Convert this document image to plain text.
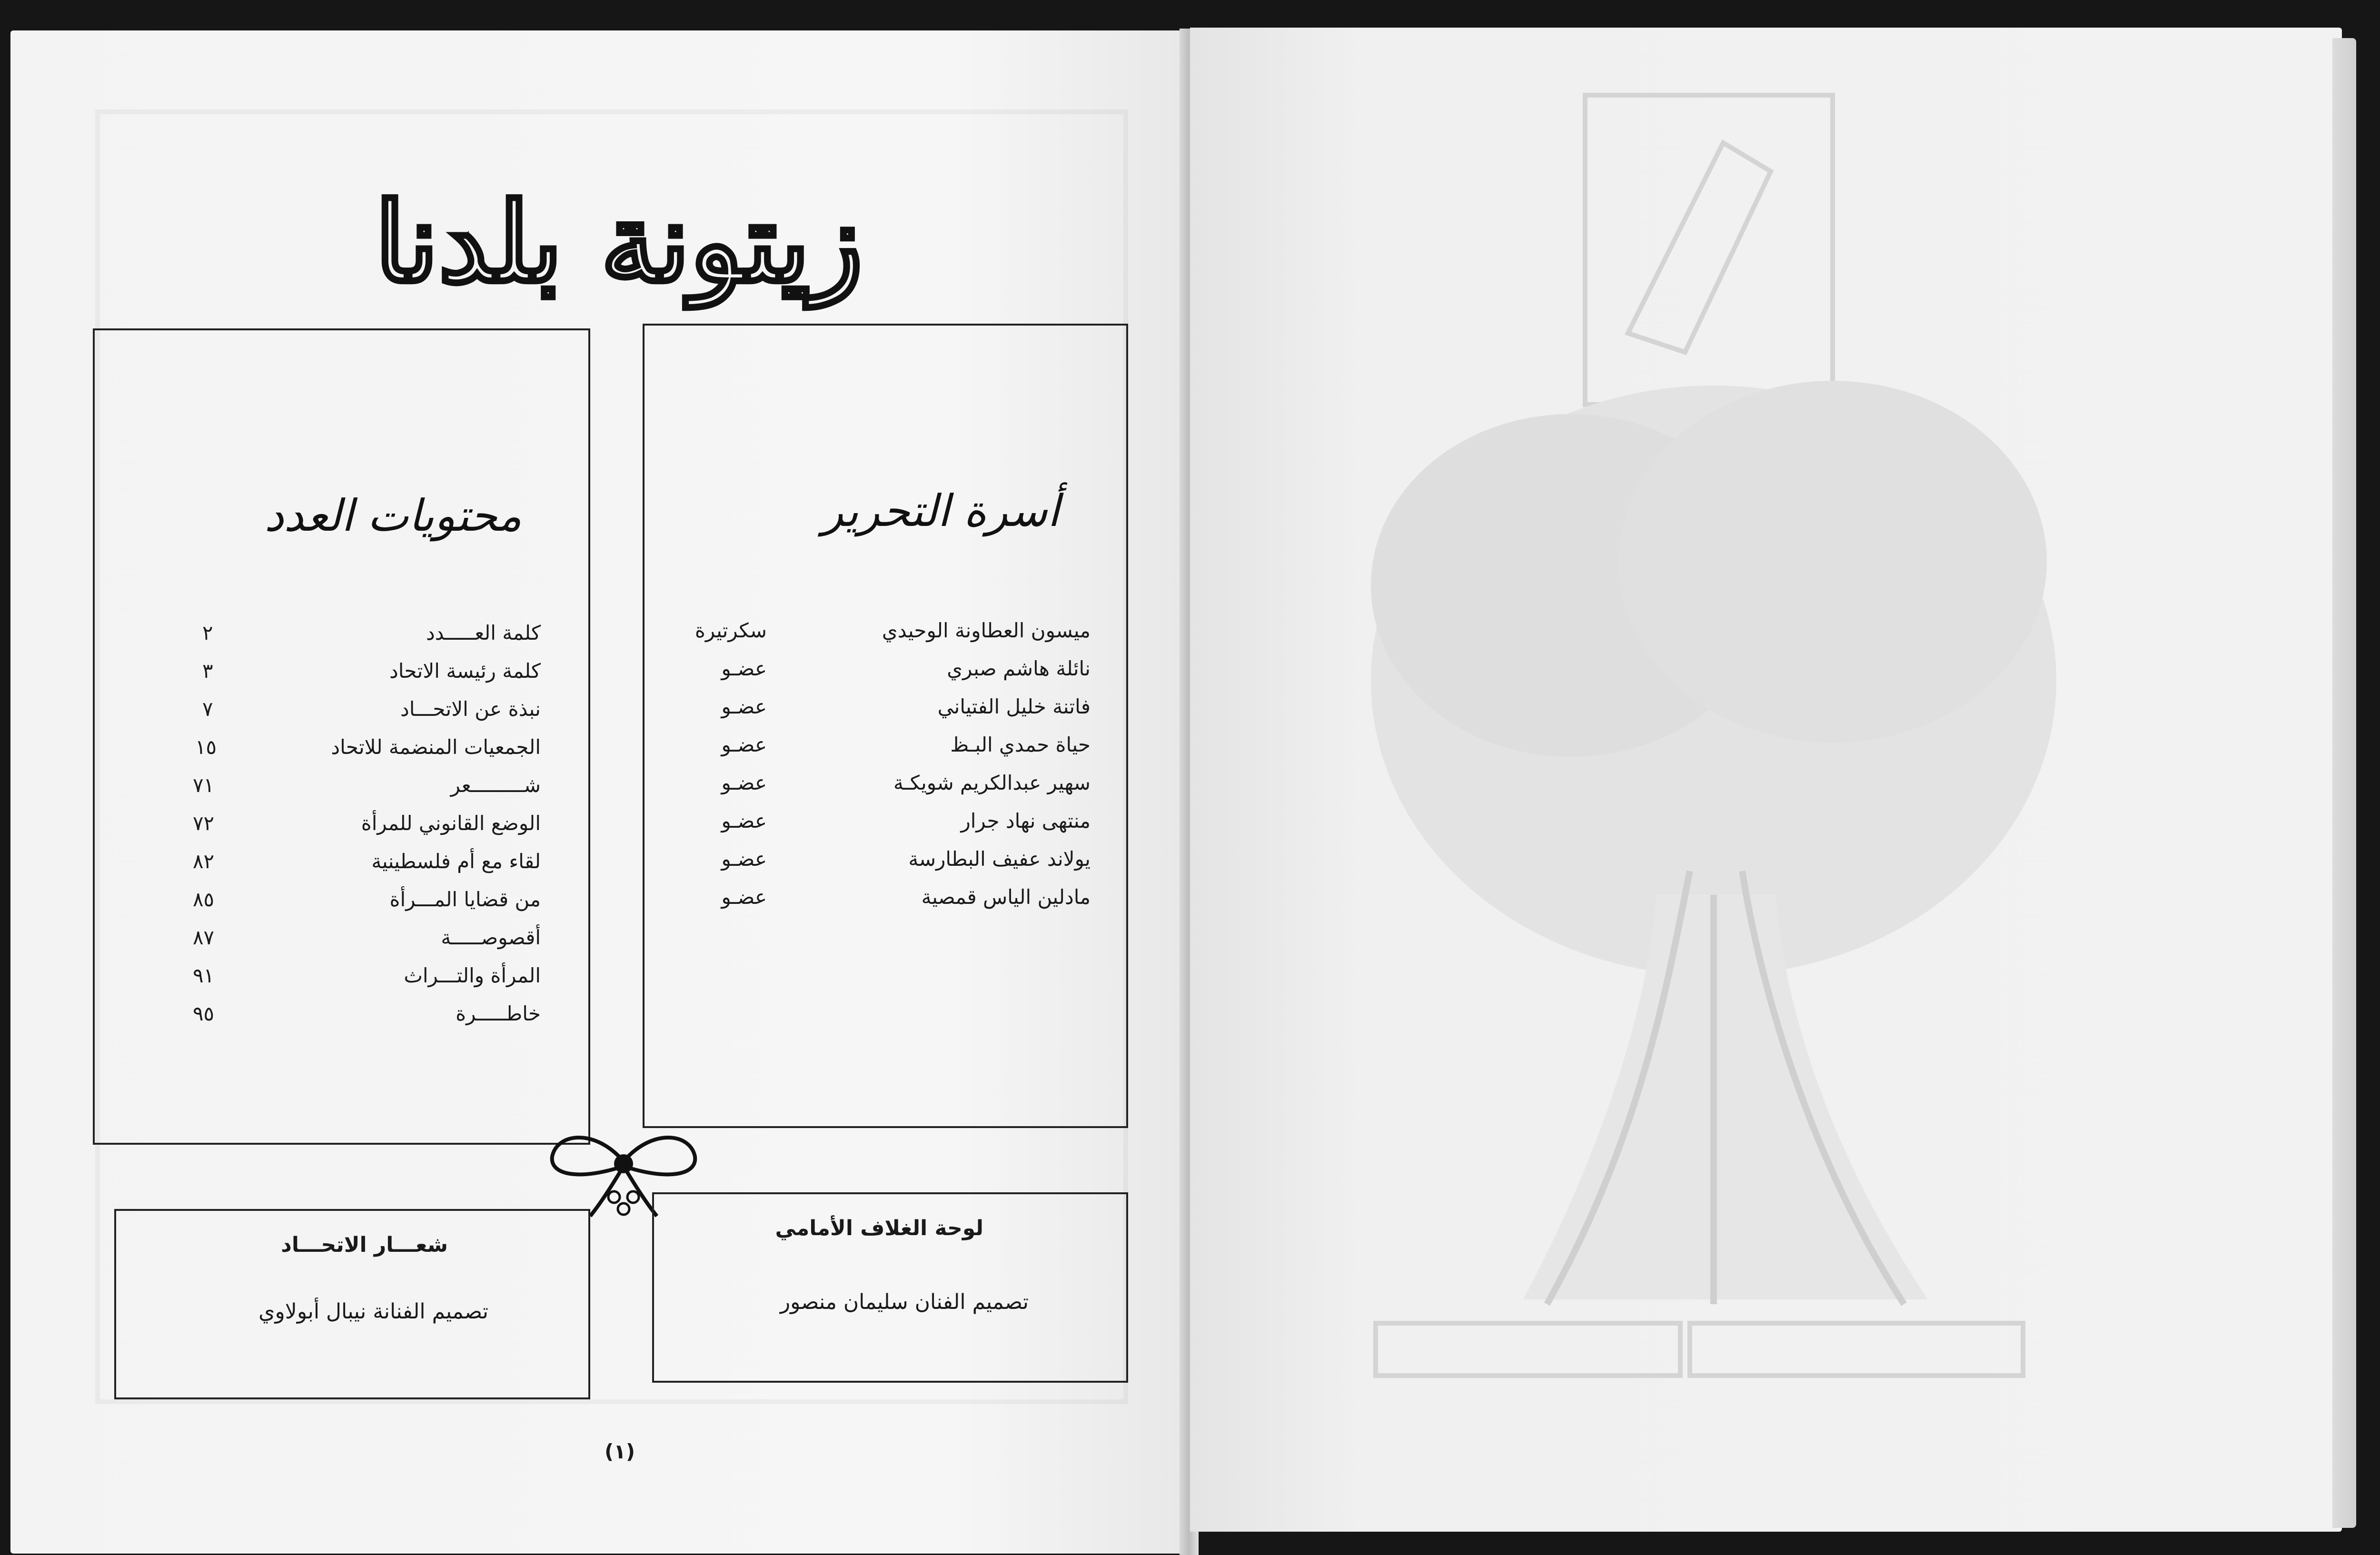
زيتونة بلدنا
محتويات العدد
كلمة العـــــدد
٢
كلمة رئيسة الاتحاد
٣
نبذة عن الاتحـــاد
٧
الجمعيات المنضمة للاتحاد
١٥
شـــــــــعر
٧١
الوضع القانوني للمرأة
٧٢
لقاء مع أم فلسطينية
٨٢
من قضايا المـــرأة
٨٥
أقصوصـــــة
٨٧
المرأة والتـــراث
٩١
خاطـــــرة
٩٥
أسرة التحرير
ميسون العطاونة الوحيدي
سكرتيرة
نائلة هاشم صبري
عضـو
فاتنة خليل الفتياني
عضـو
حياة حمدي البـظ
عضـو
سهير عبدالكريم شويكـة
عضـو
منتهى نهاد جرار
عضـو
يولاند عفيف البطارسة
عضـو
مادلين الياس قمصية
عضـو
شعـــار الاتحـــاد
تصميم الفنانة نيبال أبولاوي
لوحة الغلاف الأمامي
تصميم الفنان سليمان منصور
(١)
